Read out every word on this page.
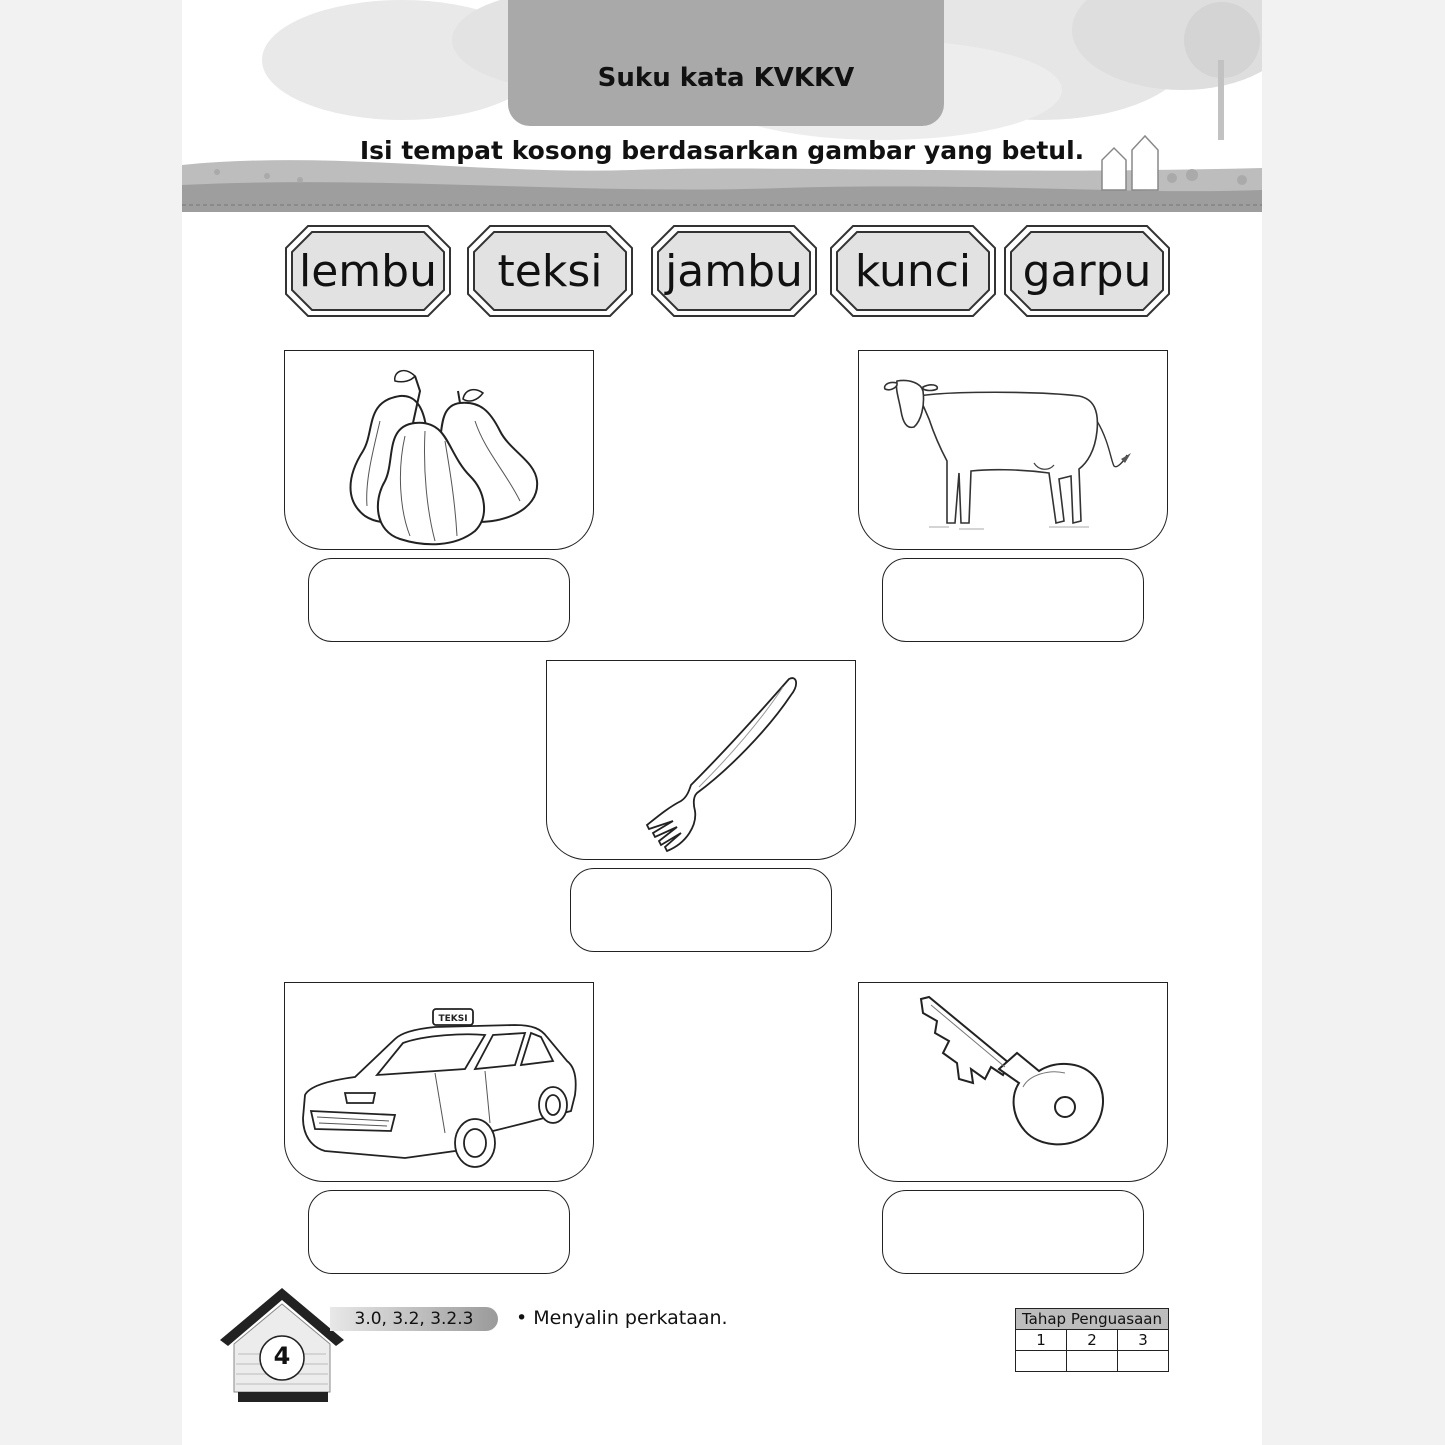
Suku kata KVKKV
Isi tempat kosong berdasarkan gambar yang betul.
lembu	teksi	jambu	kunci	garpu
TEKSI
4
3.0, 3.2, 3.2.3	• Menyalin perkataan.	Tahap Penguasaan		
1	2	3
